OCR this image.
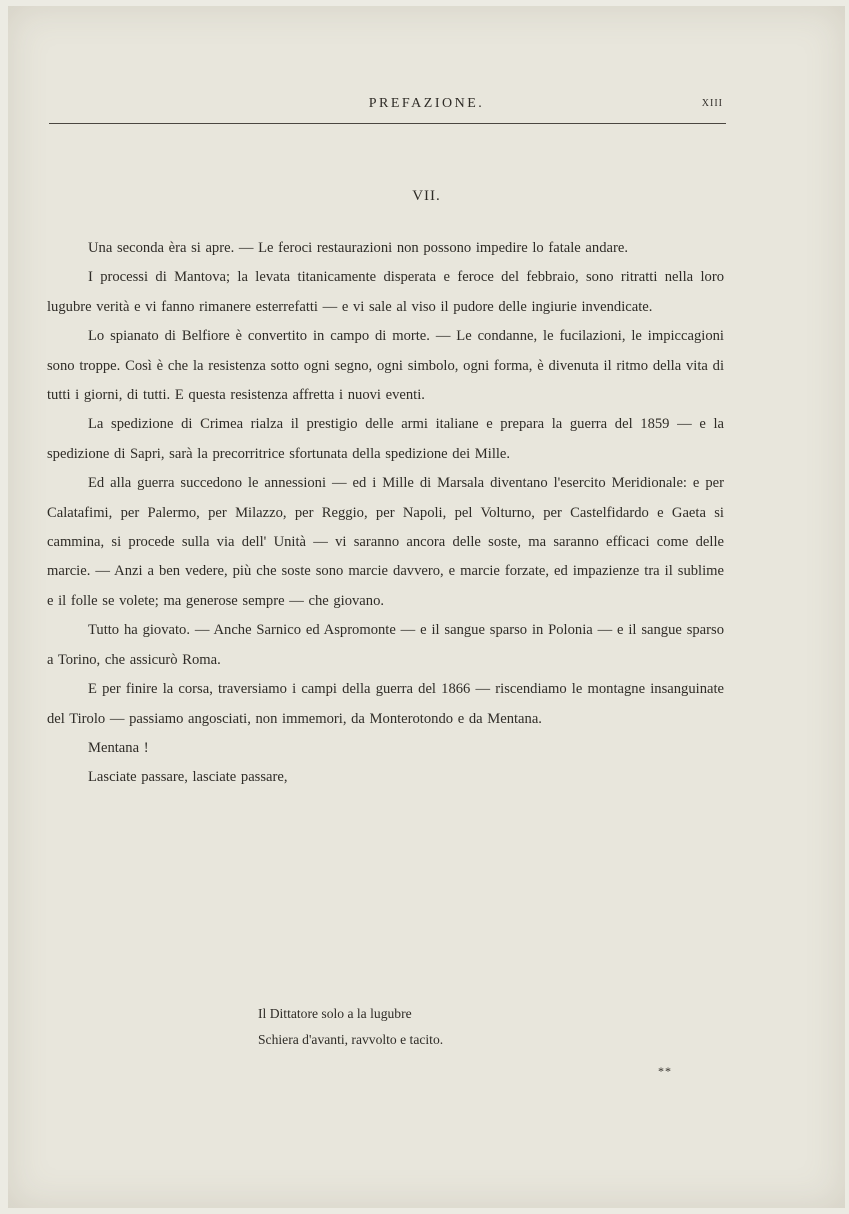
PREFAZIONE.	XIII
VII.

Una seconda èra si apre. — Le feroci restaurazioni non possono impedire lo fatale andare.

I processi di Mantova; la levata titanicamente disperata e feroce del febbraio, sono ritratti nella loro lugubre verità e vi fanno rimanere esterrefatti — e vi sale al viso il pudore delle ingiurie invendicate.

Lo spianato di Belfiore è convertito in campo di morte. — Le condanne, le fucilazioni, le impiccagioni sono troppe. Così è che la resistenza sotto ogni segno, ogni simbolo, ogni forma, è divenuta il ritmo della vita di tutti i giorni, di tutti. E questa resistenza affretta i nuovi eventi.

La spedizione di Crimea rialza il prestigio delle armi italiane e prepara la guerra del 1859 — e la spedizione di Sapri, sarà la precorritrice sfortunata della spedizione dei Mille.

Ed alla guerra succedono le annessioni — ed i Mille di Marsala diventano l'esercito Meridionale: e per Calatafimi, per Palermo, per Milazzo, per Reggio, per Napoli, pel Volturno, per Castelfidardo e Gaeta si cammina, si procede sulla via dell' Unità — vi saranno ancora delle soste, ma saranno efficaci come delle marcie. — Anzi a ben vedere, più che soste sono marcie davvero, e marcie forzate, ed impazienze tra il sublime e il folle se volete; ma generose sempre — che giovano.

Tutto ha giovato. — Anche Sarnico ed Aspromonte — e il sangue sparso in Polonia — e il sangue sparso a Torino, che assicurò Roma.

E per finire la corsa, traversiamo i campi della guerra del 1866 — riscendiamo le montagne insanguinate del Tirolo — passiamo angosciati, non immemori, da Monterotondo e da Mentana.

Mentana !

Lasciate passare, lasciate passare,

Il Dittatore solo a la lugubre
Schiera d'avanti, ravvolto e tacito.
**
